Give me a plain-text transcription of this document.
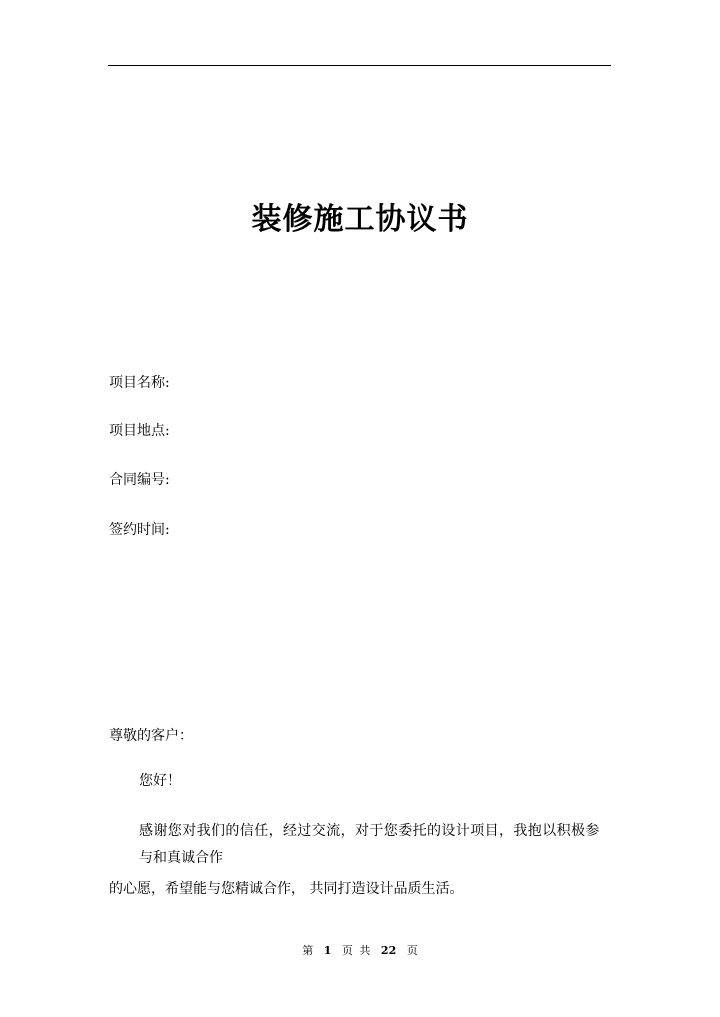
装修施工协议书
项目名称:
项目地点:
合同编号:
签约时间:
尊敬的客户：
您好！
感谢您对我们的信任，经过交流，对于您委托的设计项目，我抱以积极参
与和真诚合作
的心愿，希望能与您精诚合作， 共同打造设计品质生活。
第 1 页 共 22 页
